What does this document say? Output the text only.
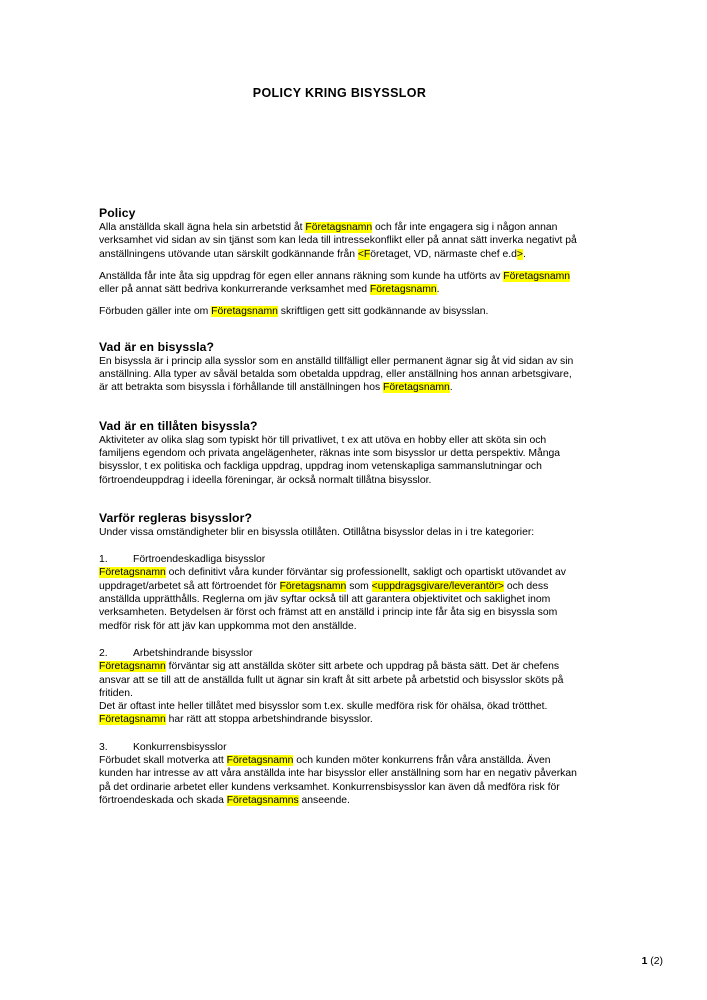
POLICY KRING BISYSSLOR
Policy

Alla anställda skall ägna hela sin arbetstid åt Företagsnamn och får inte engagera sig i någon annan verksamhet vid sidan av sin tjänst som kan leda till intressekonflikt eller på annat sätt inverka negativt på anställningens utövande utan särskilt godkännande från <Företaget, VD, närmaste chef e.d>.

Anställda får inte åta sig uppdrag för egen eller annans räkning som kunde ha utförts av Företagsnamn eller på annat sätt bedriva konkurrerande verksamhet med Företagsnamn.

Förbuden gäller inte om Företagsnamn skriftligen gett sitt godkännande av bisysslan.

Vad är en bisyssla?

En bisyssla är i princip alla sysslor som en anställd tillfälligt eller permanent ägnar sig åt vid sidan av sin anställning. Alla typer av såväl betalda som obetalda uppdrag, eller anställning hos annan arbetsgivare, är att betrakta som bisyssla i förhållande till anställningen hos Företagsnamn.

Vad är en tillåten bisyssla?

Aktiviteter av olika slag som typiskt hör till privatlivet, t ex att utöva en hobby eller att sköta sin och familjens egendom och privata angelägenheter, räknas inte som bisysslor ur detta perspektiv. Många bisysslor, t ex politiska och fackliga uppdrag, uppdrag inom vetenskapliga sammanslutningar och förtroendeuppdrag i ideella föreningar, är också normalt tillåtna bisysslor.

Varför regleras bisysslor?

Under vissa omständigheter blir en bisyssla otillåten. Otillåtna bisysslor delas in i tre kategorier:

1. Förtroendeskadliga bisysslor

Företagsnamn och definitivt våra kunder förväntar sig professionellt, sakligt och opartiskt utövandet av uppdraget/arbetet så att förtroendet för Företagsnamn som <uppdragsgivare/leverantör> och dess anställda upprätthålls. Reglerna om jäv syftar också till att garantera objektivitet och saklighet inom verksamheten. Betydelsen är först och främst att en anställd i princip inte får åta sig en bisyssla som medför risk för att jäv kan uppkomma mot den anställde.

2. Arbetshindrande bisysslor

Företagsnamn förväntar sig att anställda sköter sitt arbete och uppdrag på bästa sätt. Det är chefens ansvar att se till att de anställda fullt ut ägnar sin kraft åt sitt arbete på arbetstid och bisysslor sköts på fritiden.
Det är oftast inte heller tillåtet med bisysslor som t.ex. skulle medföra risk för ohälsa, ökad trötthet. Företagsnamn har rätt att stoppa arbetshindrande bisysslor.

3. Konkurrensbisysslor

Förbudet skall motverka att Företagsnamn och kunden möter konkurrens från våra anställda. Även kunden har intresse av att våra anställda inte har bisysslor eller anställning som har en negativ påverkan på det ordinarie arbetet eller kundens verksamhet. Konkurrensbisysslor kan även då medföra risk för förtroendeskada och skada Företagsnamns anseende.

1 (2)
